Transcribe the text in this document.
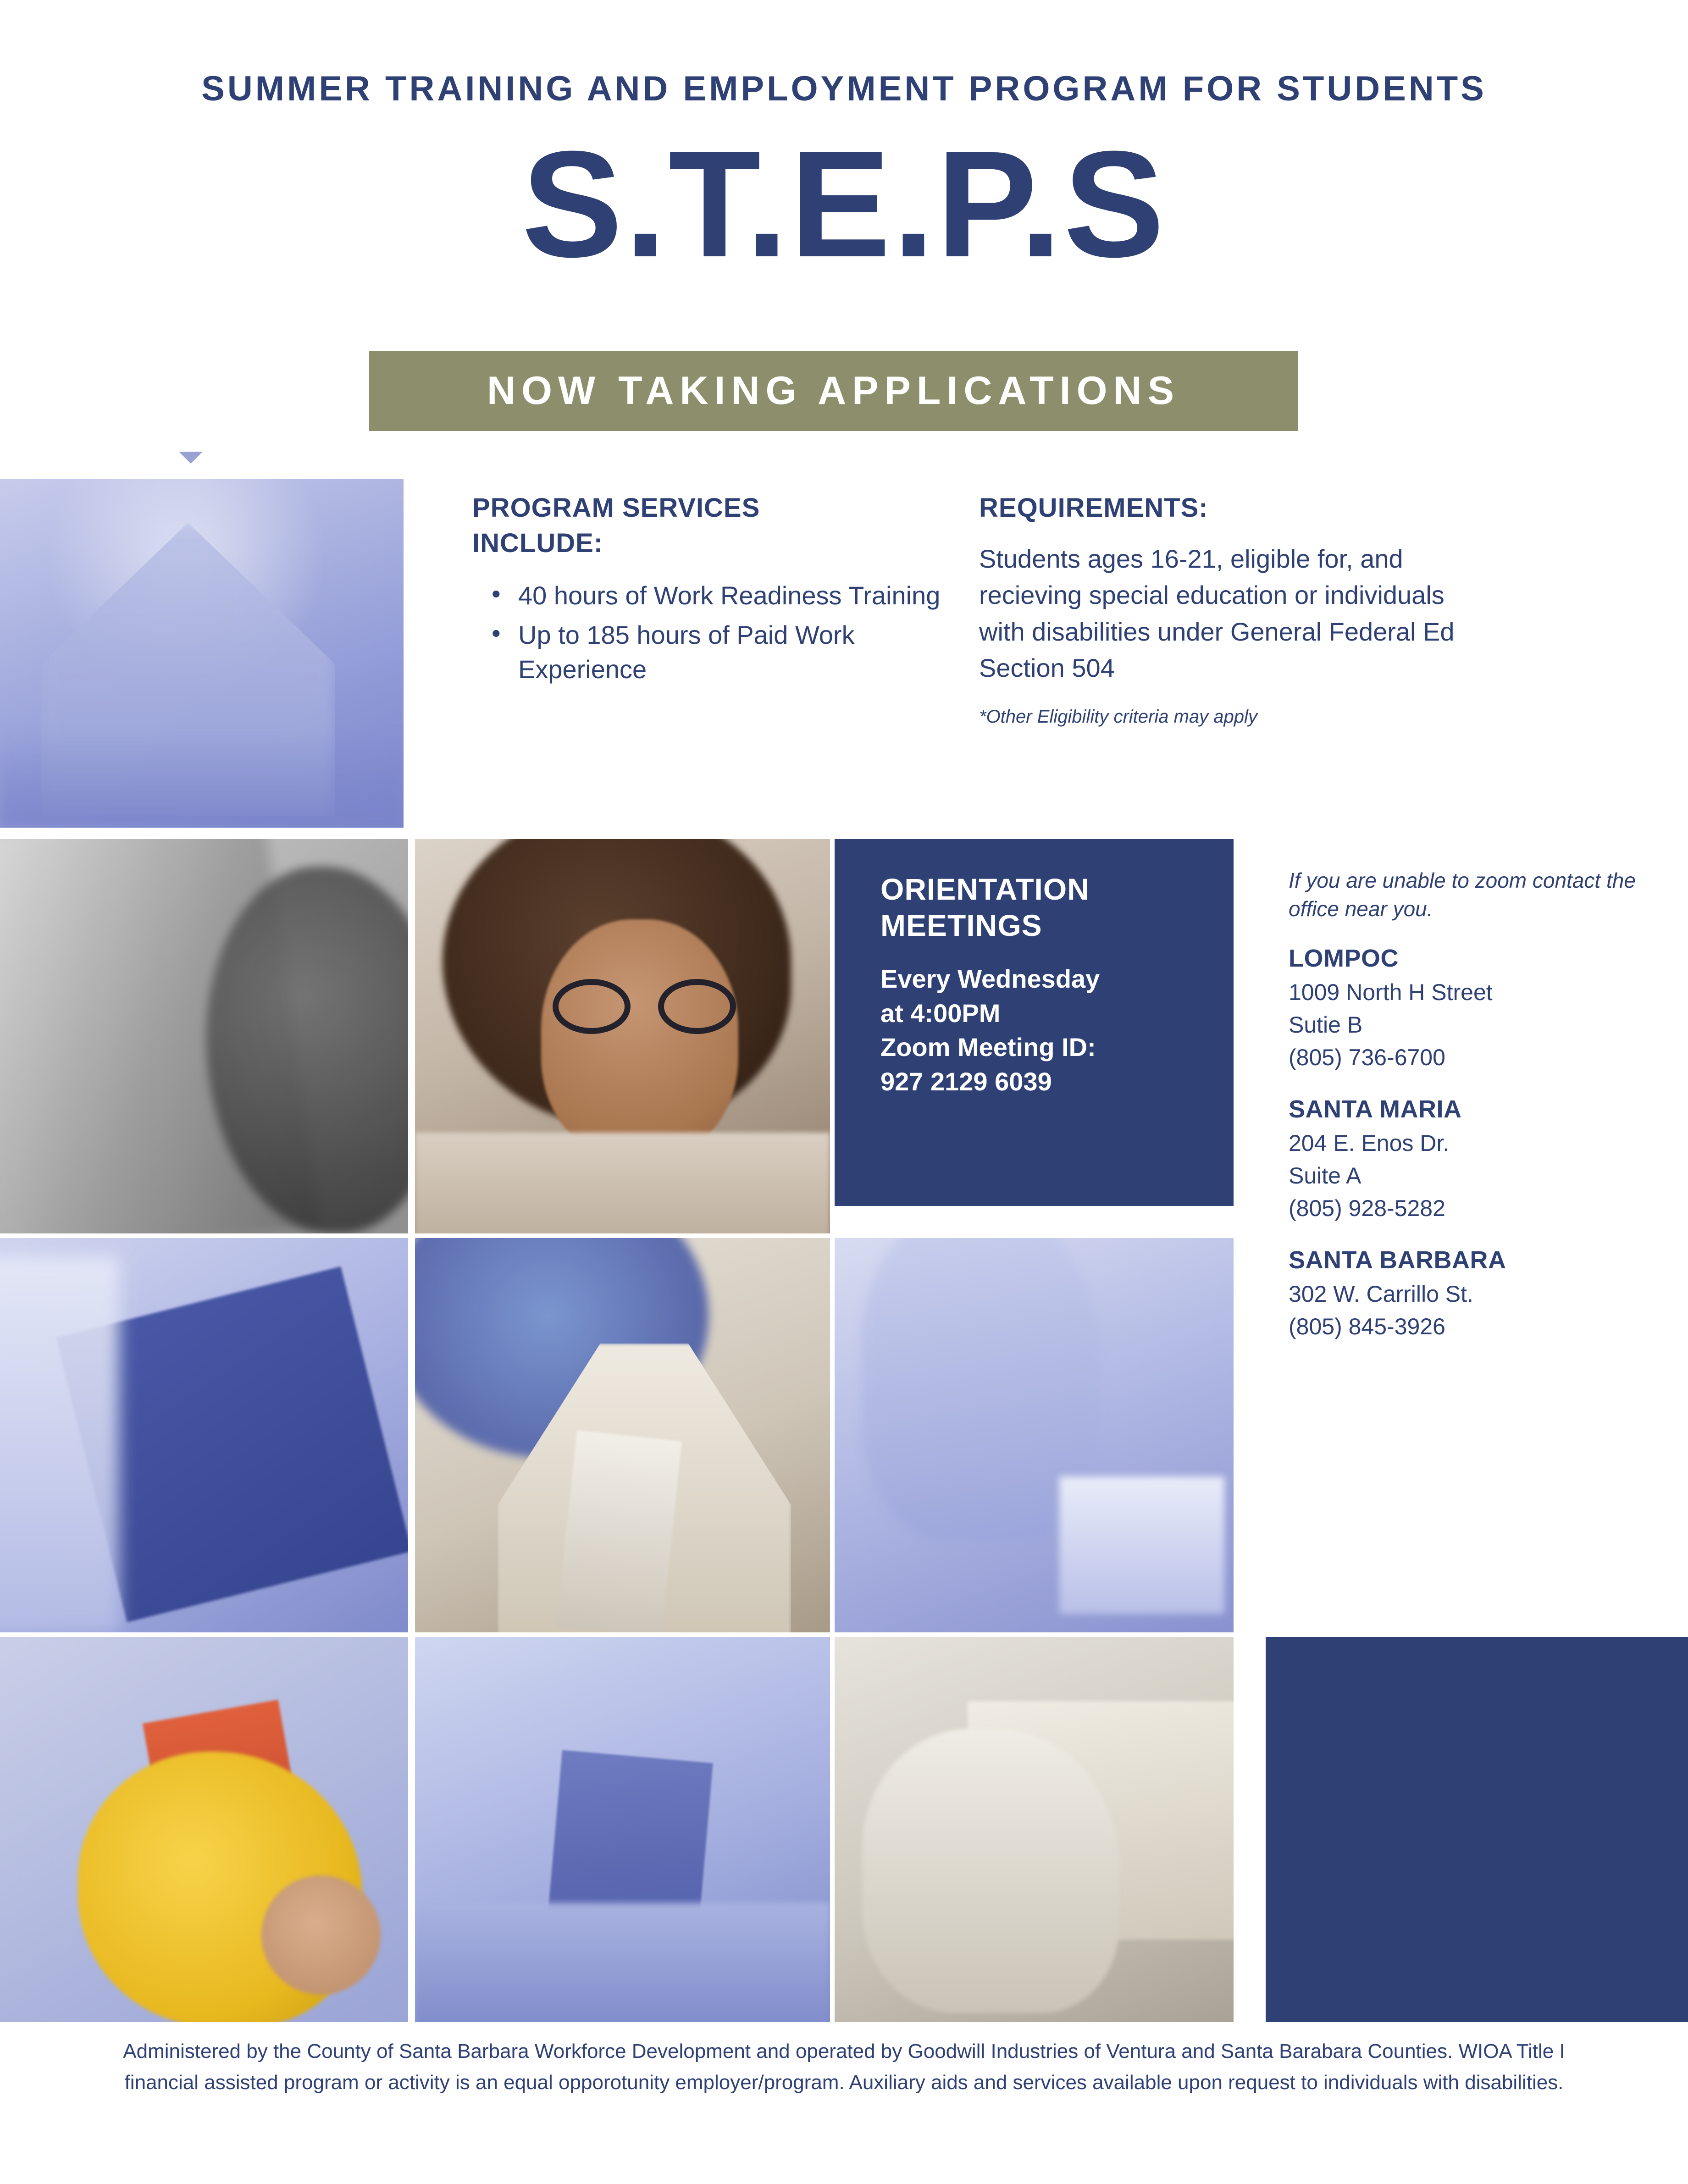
SUMMER TRAINING AND EMPLOYMENT PROGRAM FOR STUDENTS
S.T.E.P.S
NOW TAKING APPLICATIONS
PROGRAM SERVICES
INCLUDE:
• 40 hours of Work Readiness Training
• Up to 185 hours of Paid Work Experience
REQUIREMENTS:
Students ages 16-21, eligible for, and recieving special education or individuals with disabilities under General Federal Ed Section 504
*Other Eligibility criteria may apply
ORIENTATION
MEETINGS
Every Wednesday
at 4:00PM
Zoom Meeting ID:
927 2129 6039
If you are unable to zoom contact the office near you.
LOMPOC
1009 North H Street
Sutie B
(805) 736-6700
SANTA MARIA
204 E. Enos Dr.
Suite A
(805) 928-5282
SANTA BARBARA
302 W. Carrillo St.
(805) 845-3926
Administered by the County of Santa Barbara Workforce Development and operated by Goodwill Industries of Ventura and Santa Barabara Counties. WIOA Title I financial assisted program or activity is an equal opporotunity employer/program. Auxiliary aids and services available upon request to individuals with disabilities.
